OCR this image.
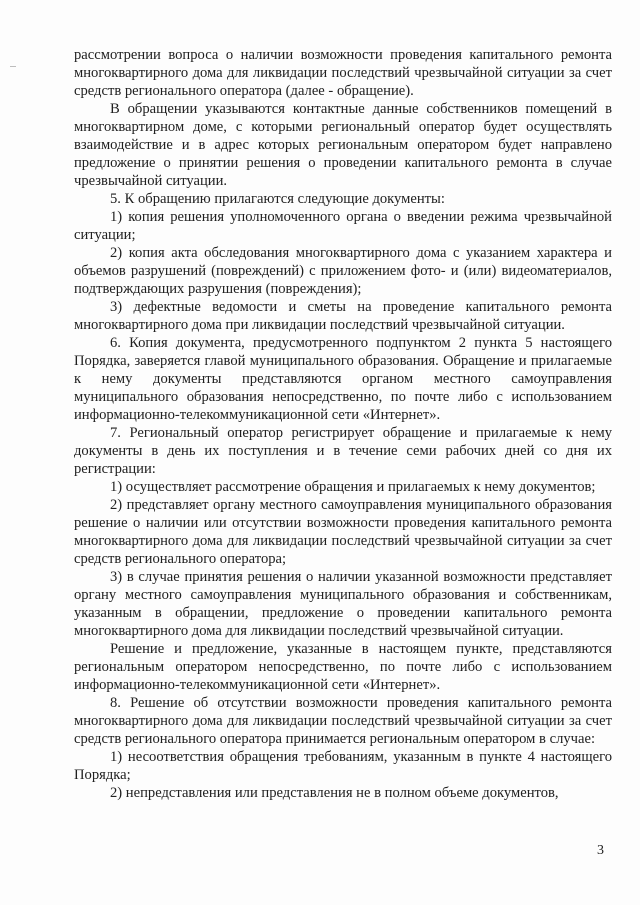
рассмотрении вопроса о наличии возможности проведения капитального ремонта многоквартирного дома для ликвидации последствий чрезвычайной ситуации за счет средств регионального оператора (далее - обращение).

В обращении указываются контактные данные собственников помещений в многоквартирном доме, с которыми региональный оператор будет осуществлять взаимодействие и в адрес которых региональным оператором будет направлено предложение о принятии решения о проведении капитального ремонта в случае чрезвычайной ситуации.

5. К обращению прилагаются следующие документы:

1) копия решения уполномоченного органа о введении режима чрезвычайной ситуации;

2) копия акта обследования многоквартирного дома с указанием характера и объемов разрушений (повреждений) с приложением фото- и (или) видеоматериалов, подтверждающих разрушения (повреждения);

3) дефектные ведомости и сметы на проведение капитального ремонта многоквартирного дома при ликвидации последствий чрезвычайной ситуации.

6. Копия документа, предусмотренного подпунктом 2 пункта 5 настоящего Порядка, заверяется главой муниципального образования. Обращение и прилагаемые к нему документы представляются органом местного самоуправления муниципального образования непосредственно, по почте либо с использованием информационно-телекоммуникационной сети «Интернет».

7. Региональный оператор регистрирует обращение и прилагаемые к нему документы в день их поступления и в течение семи рабочих дней со дня их регистрации:

1) осуществляет рассмотрение обращения и прилагаемых к нему документов;

2) представляет органу местного самоуправления муниципального образования решение о наличии или отсутствии возможности проведения капитального ремонта многоквартирного дома для ликвидации последствий чрезвычайной ситуации за счет средств регионального оператора;

3) в случае принятия решения о наличии указанной возможности представляет органу местного самоуправления муниципального образования и собственникам, указанным в обращении, предложение о проведении капитального ремонта многоквартирного дома для ликвидации последствий чрезвычайной ситуации.

Решение и предложение, указанные в настоящем пункте, представляются региональным оператором непосредственно, по почте либо с использованием информационно-телекоммуникационной сети «Интернет».

8. Решение об отсутствии возможности проведения капитального ремонта многоквартирного дома для ликвидации последствий чрезвычайной ситуации за счет средств регионального оператора принимается региональным оператором в случае:

1) несоответствия обращения требованиям, указанным в пункте 4 настоящего Порядка;

2) непредставления или представления не в полном объеме документов,

3
